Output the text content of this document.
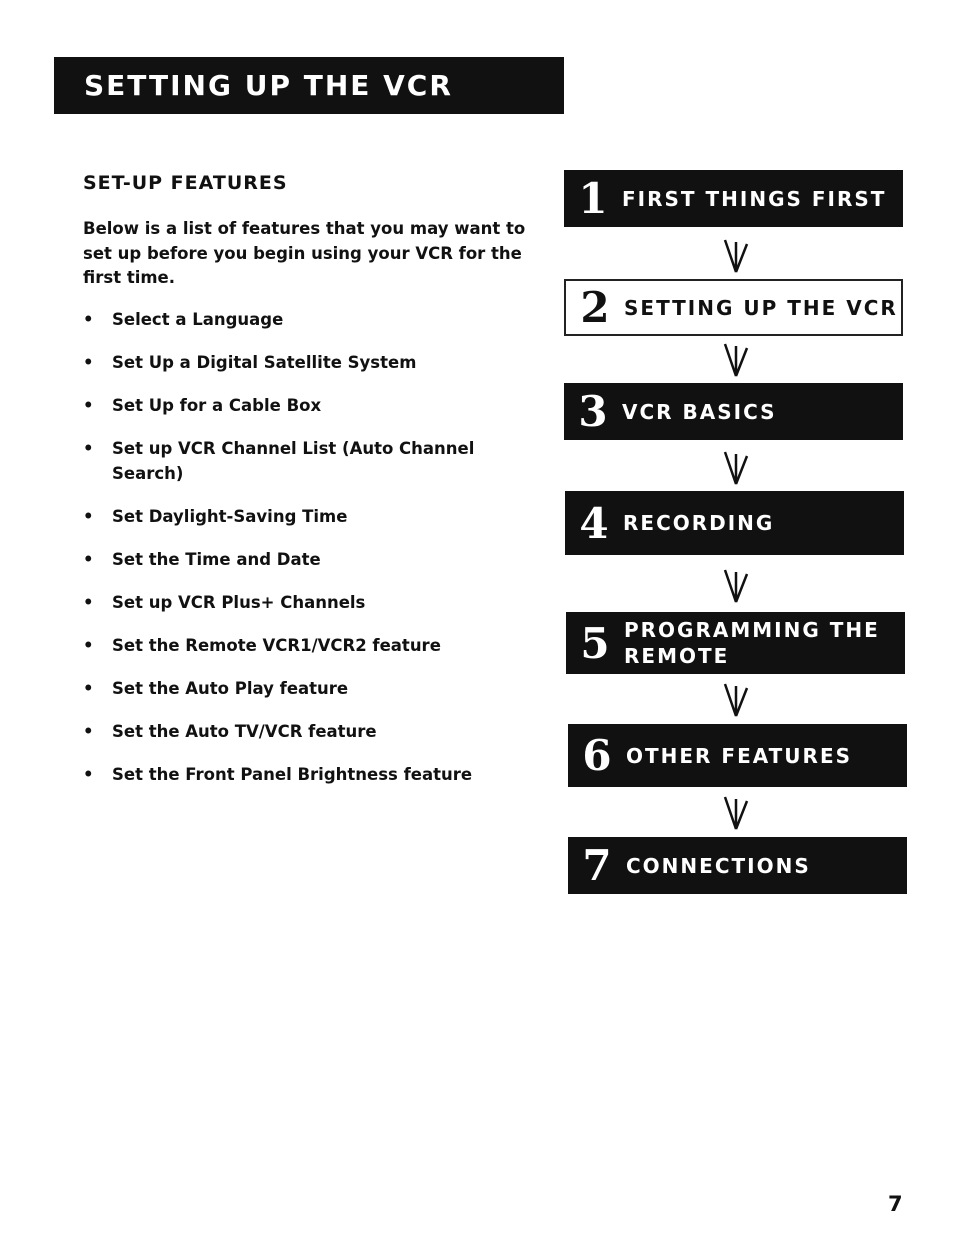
SETTING UP THE VCR
SET-UP FEATURES

Below is a list of features that you may want to set up before you begin using your VCR for the first time.

• Select a Language
• Set Up a Digital Satellite System
• Set Up for a Cable Box
• Set up VCR Channel List (Auto Channel Search)
• Set Daylight-Saving Time
• Set the Time and Date
• Set up VCR Plus+ Channels
• Set the Remote VCR1/VCR2 feature
• Set the Auto Play feature
• Set the Auto TV/VCR feature
• Set the Front Panel Brightness feature
1 FIRST THINGS FIRST
2 SETTING UP THE VCR
3 VCR BASICS
4 RECORDING
5 PROGRAMMING THE REMOTE
6 OTHER FEATURES
7 CONNECTIONS
7
